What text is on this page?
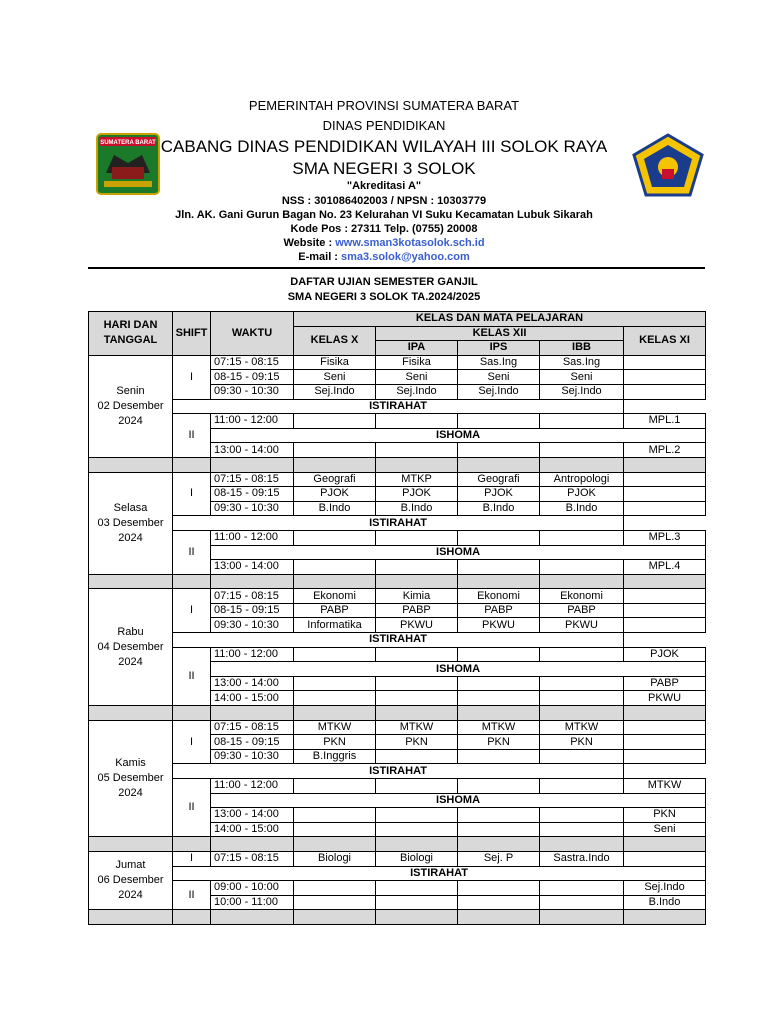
SUMATERA BARAT
PEMERINTAH PROVINSI SUMATERA BARAT
DINAS PENDIDIKAN
CABANG DINAS PENDIDIKAN WILAYAH III SOLOK RAYA
SMA NEGERI 3 SOLOK
"Akreditasi A"
NSS : 301086402003 / NPSN : 10303779
Jln. AK. Gani Gurun Bagan No. 23 Kelurahan VI Suku Kecamatan Lubuk Sikarah
Kode Pos : 27311 Telp. (0755) 20008
Website : www.sman3kotasolok.sch.id
E-mail : sma3.solok@yahoo.com
DAFTAR UJIAN SEMESTER GANJIL
SMA NEGERI 3 SOLOK TA.2024/2025
HARI DAN TANGGAL	SHIFT	WAKTU	KELAS DAN MATA PELAJARAN				
			KELAS X	KELAS XII			KELAS XI
				IPA	IPS	IBB	
Senin
02 Desember
2024	I	07:15 - 08:15	Fisika	Fisika	Sas.Ing	Sas.Ing	
		08-15 - 09:15	Seni	Seni	Seni	Seni	
		09:30 - 10:30	Sej.Indo	Sej.Indo	Sej.Indo	Sej.Indo	
	ISTIRAHAT						
	II	11:00 - 12:00					MPL.1
		ISHOMA					
		13:00 - 14:00					MPL.2

Selasa
03 Desember
2024	I	07:15 - 08:15	Geografi	MTKP	Geografi	Antropologi	
		08-15 - 09:15	PJOK	PJOK	PJOK	PJOK	
		09:30 - 10:30	B.Indo	B.Indo	B.Indo	B.Indo	
	ISTIRAHAT						
	II	11:00 - 12:00					MPL.3
		ISHOMA					
		13:00 - 14:00					MPL.4

Rabu
04 Desember
2024	I	07:15 - 08:15	Ekonomi	Kimia	Ekonomi	Ekonomi	
		08-15 - 09:15	PABP	PABP	PABP	PABP	
		09:30 - 10:30	Informatika	PKWU	PKWU	PKWU	
	ISTIRAHAT						
	II	11:00 - 12:00					PJOK
		ISHOMA					
		13:00 - 14:00					PABP
		14:00 - 15:00					PKWU

Kamis
05 Desember
2024	I	07:15 - 08:15	MTKW	MTKW	MTKW	MTKW	
		08-15 - 09:15	PKN	PKN	PKN	PKN	
		09:30 - 10:30	B.Inggris				
	ISTIRAHAT						
	II	11:00 - 12:00					MTKW
		ISHOMA					
		13:00 - 14:00					PKN
		14:00 - 15:00					Seni

Jumat
06 Desember
2024	I	07:15 - 08:15	Biologi	Biologi	Sej. P	Sastra.Indo	
	ISTIRAHAT						
	II	09:00 - 10:00					Sej.Indo
		10:00 - 11:00					B.Indo
